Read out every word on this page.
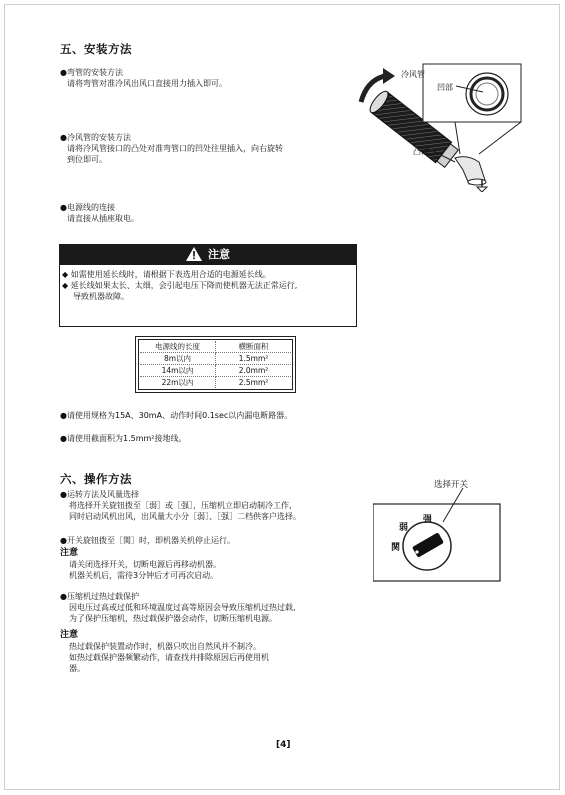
五、安装方法
●弯管的安装方法
请将弯管对准冷风出风口直接用力插入即可。
●冷风管的安装方法
请将冷风管接口的凸处对准弯管口的凹处往里插入，向右旋转
到位即可。
●电源线的连接
请直接从插座取电。
冷风管
凹部
凸部
注意
◆ 如需使用延长线时，请根据下表选用合适的电源延长线。
◆ 延长线如果太长、太细，会引起电压下降而使机器无法正常运行,
导致机器故障。
电源线的长度	横断面积
8m以内	1.5mm²
14m以内	2.0mm²
22m以内	2.5mm²
●请使用规格为15A、30mA、动作时间0.1sec以内漏电断路器。
●请使用截面积为1.5mm²接地线。
六、操作方法
●运转方法及风量选择
将选择开关旋钮拨至［弱］或［强］，压缩机立即启动制冷工作,
同时启动风机出风，出风量大小分［弱］、［强］二档供客户选择。
●开关旋钮拨至［関］时，即机器关机停止运行。
注意
请关闭选择开关，切断电源后再移动机器。
机器关机后，需待3分钟后才可再次启动。
●压缩机过热过载保护
因电压过高或过低和环境温度过高等原因会导致压缩机过热过载,
为了保护压缩机，热过载保护器会动作，切断压缩机电源。
注意
热过载保护装置动作时，机器只吹出自然风并不制冷。
如热过载保护器频繁动作，请查找并排除原因后再使用机
器。
选择开关
强
弱
関
[4]
